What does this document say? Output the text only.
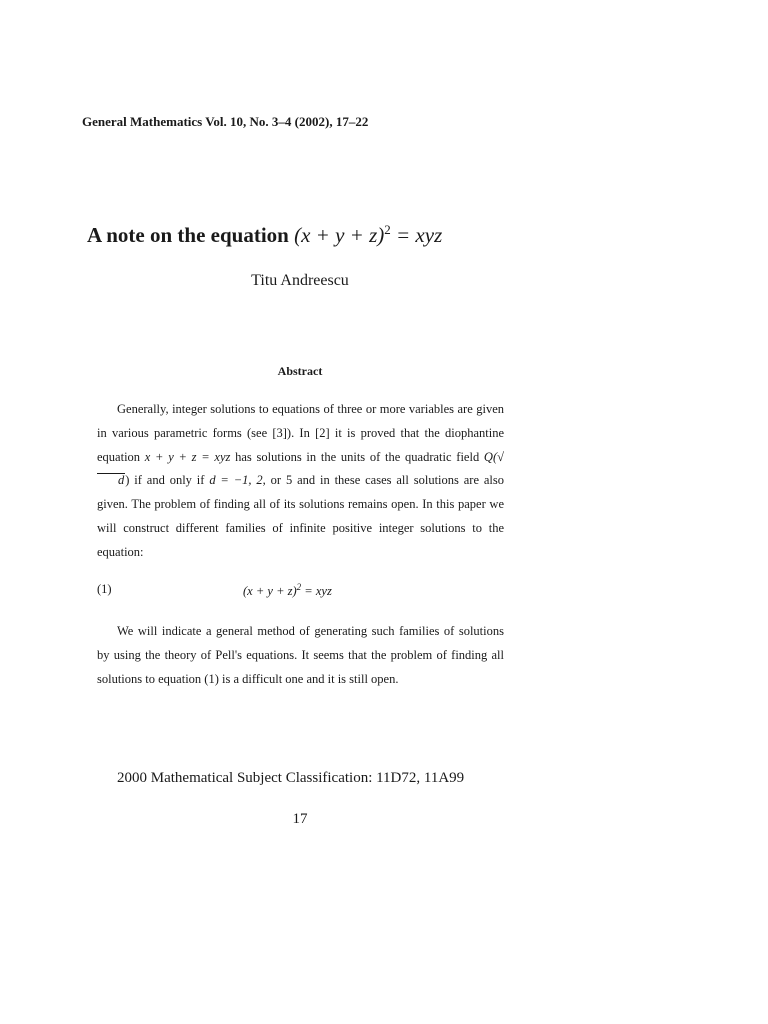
General Mathematics Vol. 10, No. 3–4 (2002), 17–22
A note on the equation $(x + y + z)^2$ = xyz
Titu Andreescu
Abstract
Generally, integer solutions to equations of three or more variables are given in various parametric forms (see [3]). In [2] it is proved that the diophantine equation x + y + z = xyz has solutions in the units of the quadratic field Q(√d) if and only if d = −1, 2, or 5 and in these cases all solutions are also given. The problem of finding all of its solutions remains open. In this paper we will construct different families of infinite positive integer solutions to the equation:
(1)	$(x + y + z)^2$ = xyz
We will indicate a general method of generating such families of solutions by using the theory of Pell's equations. It seems that the problem of finding all solutions to equation (1) is a difficult one and it is still open.
2000 Mathematical Subject Classification: 11D72, 11A99
17
